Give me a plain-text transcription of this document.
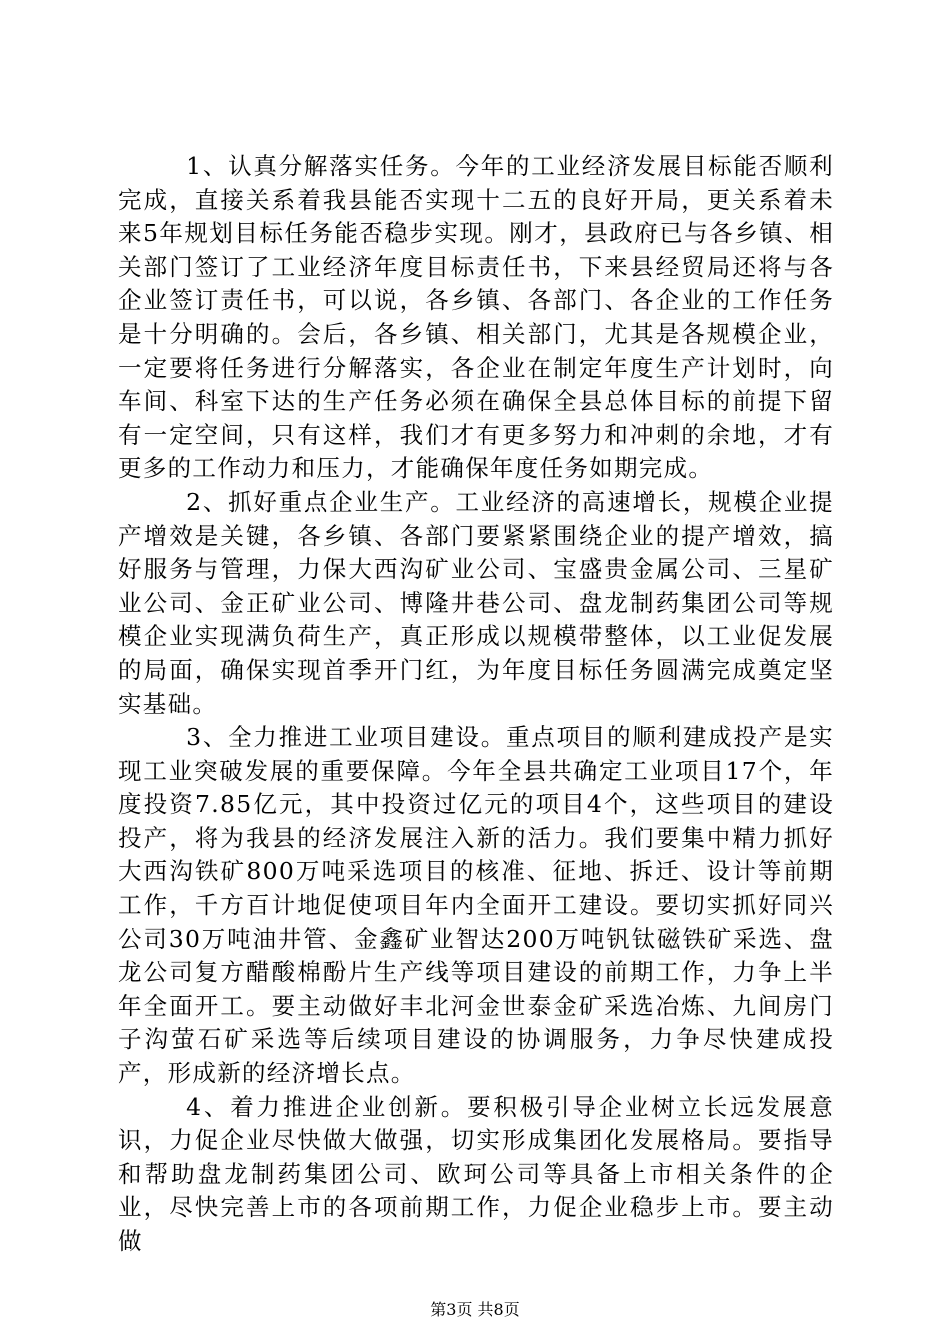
1、认真分解落实任务。今年的工业经济发展目标能否顺利完成，直接关系着我县能否实现十二五的良好开局，更关系着未来5年规划目标任务能否稳步实现。刚才，县政府已与各乡镇、相关部门签订了工业经济年度目标责任书，下来县经贸局还将与各企业签订责任书，可以说，各乡镇、各部门、各企业的工作任务是十分明确的。会后，各乡镇、相关部门，尤其是各规模企业，一定要将任务进行分解落实，各企业在制定年度生产计划时，向车间、科室下达的生产任务必须在确保全县总体目标的前提下留有一定空间，只有这样，我们才有更多努力和冲刺的余地，才有更多的工作动力和压力，才能确保年度任务如期完成。

2、抓好重点企业生产。工业经济的高速增长，规模企业提产增效是关键，各乡镇、各部门要紧紧围绕企业的提产增效，搞好服务与管理，力保大西沟矿业公司、宝盛贵金属公司、三星矿业公司、金正矿业公司、博隆井巷公司、盘龙制药集团公司等规模企业实现满负荷生产，真正形成以规模带整体，以工业促发展的局面，确保实现首季开门红，为年度目标任务圆满完成奠定坚实基础。

3、全力推进工业项目建设。重点项目的顺利建成投产是实现工业突破发展的重要保障。今年全县共确定工业项目17个，年度投资7.85亿元，其中投资过亿元的项目4个，这些项目的建设投产，将为我县的经济发展注入新的活力。我们要集中精力抓好大西沟铁矿800万吨采选项目的核准、征地、拆迁、设计等前期工作，千方百计地促使项目年内全面开工建设。要切实抓好同兴公司30万吨油井管、金鑫矿业智达200万吨钒钛磁铁矿采选、盘龙公司复方醋酸棉酚片生产线等项目建设的前期工作，力争上半年全面开工。要主动做好丰北河金世泰金矿采选冶炼、九间房门子沟萤石矿采选等后续项目建设的协调服务，力争尽快建成投产，形成新的经济增长点。

4、着力推进企业创新。要积极引导企业树立长远发展意识，力促企业尽快做大做强，切实形成集团化发展格局。要指导和帮助盘龙制药集团公司、欧珂公司等具备上市相关条件的企业，尽快完善上市的各项前期工作，力促企业稳步上市。要主动做

第3页 共8页
